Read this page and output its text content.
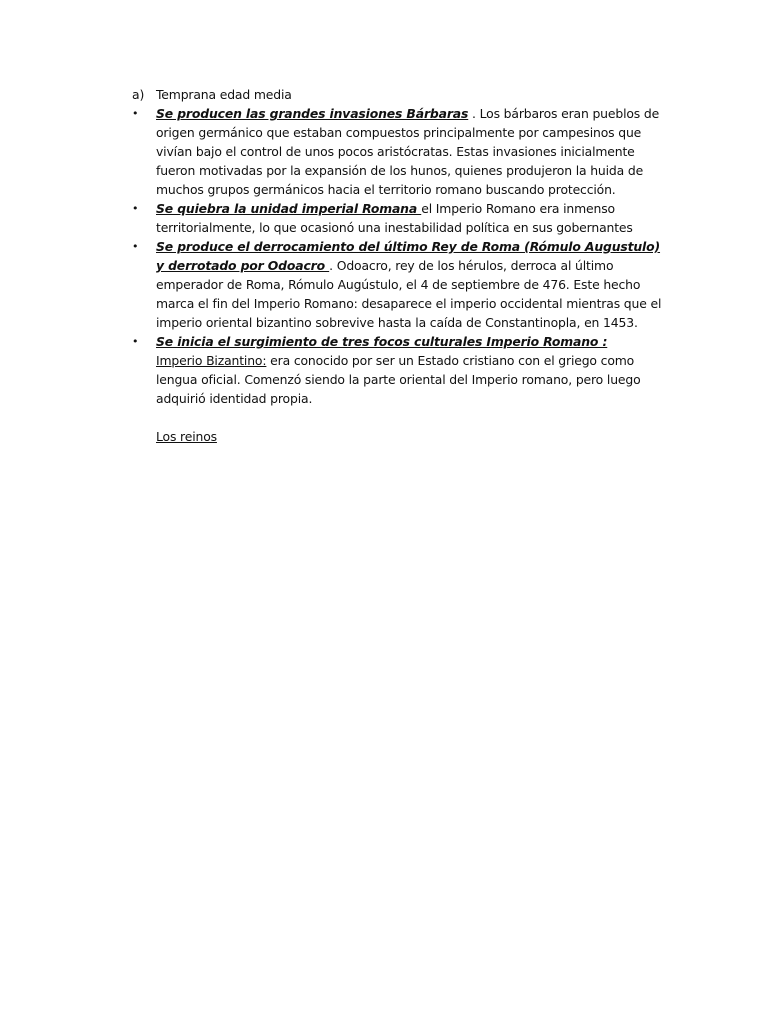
a) Temprana edad media

• Se producen las grandes invasiones Bárbaras . Los bárbaros eran pueblos de origen germánico que estaban compuestos principalmente por campesinos que vivían bajo el control de unos pocos aristócratas. Estas invasiones inicialmente fueron motivadas por la expansión de los hunos, quienes produjeron la huida de muchos grupos germánicos hacia el territorio romano buscando protección.

• Se quiebra la unidad imperial Romana el Imperio Romano era inmenso territorialmente, lo que ocasionó una inestabilidad política en sus gobernantes

• Se produce el derrocamiento del último Rey de Roma (Rómulo Augustulo) y derrotado por Odoacro . Odoacro, rey de los hérulos, derroca al último emperador de Roma, Rómulo Augústulo, el 4 de septiembre de 476. Este hecho marca el fin del Imperio Romano: desaparece el imperio occidental mientras que el imperio oriental bizantino sobrevive hasta la caída de Constantinopla, en 1453.

• Se inicia el surgimiento de tres focos culturales Imperio Romano :

Imperio Bizantino: era conocido por ser un Estado cristiano con el griego como lengua oficial. Comenzó siendo la parte oriental del Imperio romano, pero luego adquirió identidad propia.

Los reinos
